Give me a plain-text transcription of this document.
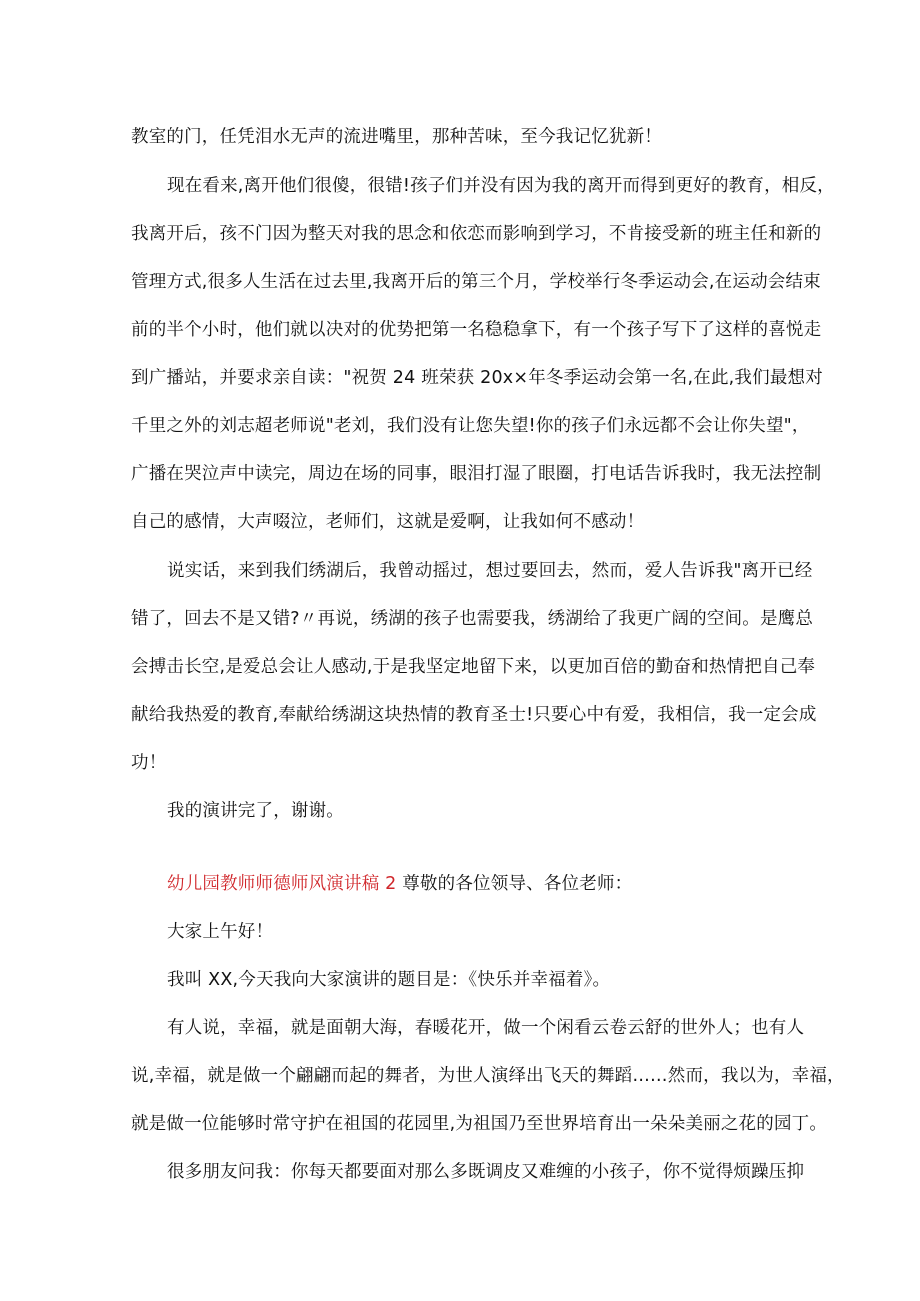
教室的门，任凭泪水无声的流进嘴里，那种苦味，至今我记忆犹新！
现在看来,离开他们很傻，很错!孩子们并没有因为我的离开而得到更好的教育，相反，
我离开后，孩不门因为整天对我的思念和依恋而影响到学习，不肯接受新的班主任和新的
管理方式,很多人生活在过去里,我离开后的第三个月，学校举行冬季运动会,在运动会结束
前的半个小时，他们就以决对的优势把第一名稳稳拿下，有一个孩子写下了这样的喜悦走
到广播站，并要求亲自读："祝贺 24 班荣获 20x×年冬季运动会第一名,在此,我们最想对
千里之外的刘志超老师说"老刘，我们没有让您失望!你的孩子们永远都不会让你失望"，
广播在哭泣声中读完，周边在场的同事，眼泪打湿了眼圈，打电话告诉我时，我无法控制
自己的感情，大声啜泣，老师们，这就是爱啊，让我如何不感动！
说实话，来到我们绣湖后，我曾动摇过，想过要回去，然而，爱人告诉我"离开已经
错了，回去不是又错?〃再说，绣湖的孩子也需要我，绣湖给了我更广阔的空间。是鹰总
会搏击长空,是爱总会让人感动,于是我坚定地留下来，以更加百倍的勤奋和热情把自己奉
献给我热爱的教育,奉献给绣湖这块热情的教育圣士!只要心中有爱，我相信，我一定会成
功！
我的演讲完了，谢谢。
幼儿园教师师德师风演讲稿 2 尊敬的各位领导、各位老师：
大家上午好！
我叫 XX,今天我向大家演讲的题目是：《快乐并幸福着》。
有人说，幸福，就是面朝大海，春暖花开，做一个闲看云卷云舒的世外人；也有人
说,幸福，就是做一个翩翩而起的舞者，为世人演绎出飞天的舞蹈……然而，我以为，幸福，
就是做一位能够时常守护在祖国的花园里,为祖国乃至世界培育出一朵朵美丽之花的园丁。
很多朋友问我：你每天都要面对那么多既调皮又难缠的小孩子，你不觉得烦躁压抑
